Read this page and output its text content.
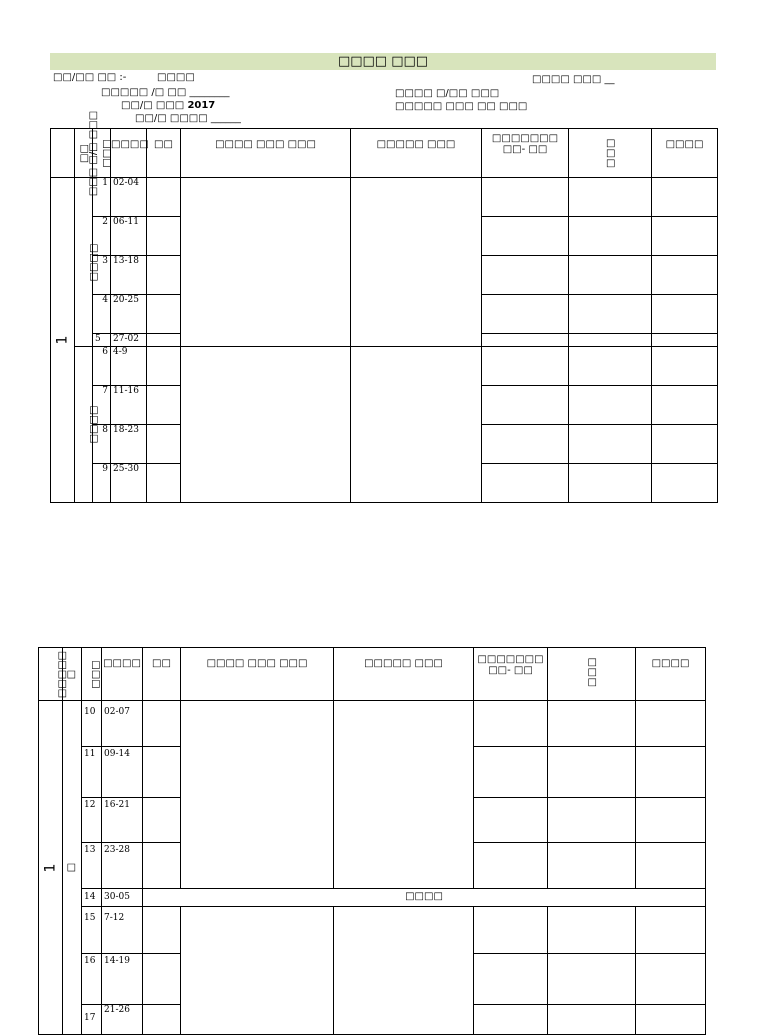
□□□□ □□□
□□/□□ □□ :-	□□□□
□□□□□ /□ □□ ________
□□/□ □□□ 2017
□□/□ □□□□ ______
□□□□ □/□□ □□□
□□□□□ □□□ □□ □□□
□□□□ □□□ __
□□□ □/□ □□□	□□	□□□	□□□□	□□	□□□□ □□□ □□□	□□□□□ □□□	□□□□□□□ □□- □□	□□□	□□□□
1	□□□□	1	02-04						
		2	06-11						
		3	13-18						
		4	20-25						
		5	27-02						
	□□□□	6	4-9						
		7	11-16						
		8	18-23						
		9	25-30						
□□□□□	□	□□□	□□□□	□□	□□□□ □□□ □□□	□□□□□ □□□	□□□□□□□ □□- □□	□□□	□□□□
1	□	10	02-07						
		11	09-14						
		12	16-21						
		13	23-28						
		14	30-05	□□□□					
		15	7-12						
		16	14-19						
		17	21-26						
